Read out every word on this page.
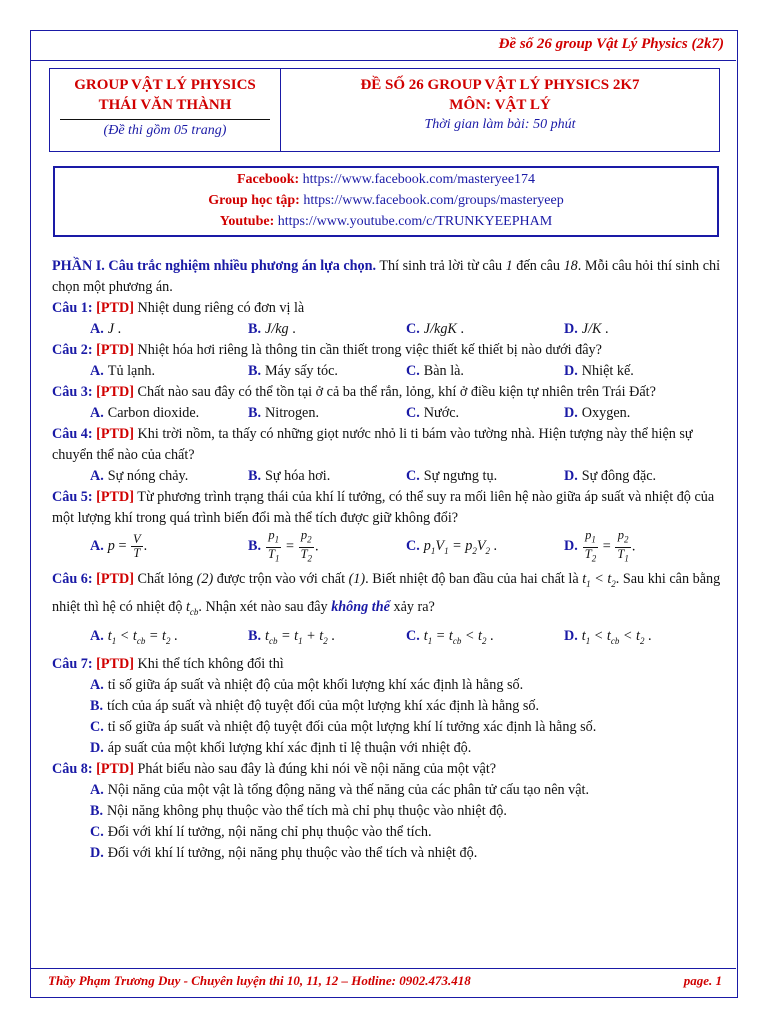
Đề số 26 group Vật Lý Physics (2k7)
GROUP VẬT LÝ PHYSICS
THÁI VĂN THÀNH
(Đề thi gồm 05 trang)
ĐỀ SỐ 26 GROUP VẬT LÝ PHYSICS 2K7
MÔN: VẬT LÝ
Thời gian làm bài: 50 phút
Facebook: https://www.facebook.com/masteryee174
Group học tập: https://www.facebook.com/groups/masteryeep
Youtube: https://www.youtube.com/c/TRUNKYEEPHAM

PHẦN I. Câu trắc nghiệm nhiều phương án lựa chọn. Thí sinh trả lời từ câu 1 đến câu 18. Mỗi câu hỏi thí sinh chỉ chọn một phương án.

Câu 1: [PTD] Nhiệt dung riêng có đơn vị là

A. J .	B. J/kg .	C. J/kgK .	D. J/K .

Câu 2: [PTD] Nhiệt hóa hơi riêng là thông tin cần thiết trong việc thiết kế thiết bị nào dưới đây?

A. Tủ lạnh.	B. Máy sấy tóc.	C. Bàn là.	D. Nhiệt kế.

Câu 3: [PTD] Chất nào sau đây có thể tồn tại ở cả ba thể rắn, lỏng, khí ở điều kiện tự nhiên trên Trái Đất?

A. Carbon dioxide.	B. Nitrogen.	C. Nước.	D. Oxygen.

Câu 4: [PTD] Khi trời nồm, ta thấy có những giọt nước nhỏ li ti bám vào tường nhà. Hiện tượng này thể hiện sự chuyển thể nào của chất?

A. Sự nóng chảy.	B. Sự hóa hơi.	C. Sự ngưng tụ.	D. Sự đông đặc.

Câu 5: [PTD] Từ phương trình trạng thái của khí lí tưởng, có thể suy ra mối liên hệ nào giữa áp suất và nhiệt độ của một lượng khí trong quá trình biến đổi mà thể tích được giữ không đổi?

A. $p = \frac{V}{T}$ .	B. $\frac{p_1}{T_1} = \frac{p_2}{T_2}$ .	C. $p_1V_1 = p_2V_2$ .	D. $\frac{p_1}{T_2} = \frac{p_2}{T_1}$ .

Câu 6: [PTD] Chất lỏng (2) được trộn vào với chất (1). Biết nhiệt độ ban đầu của hai chất là $t_1 < t_2$. Sau khi cân bằng nhiệt thì hệ có nhiệt độ $t_{cb}$. Nhận xét nào sau đây không thể xảy ra?

A. $t_1 < t_{cb} = t_2$ .	B. $t_{cb} = t_1 + t_2$ .	C. $t_1 = t_{cb} < t_2$ .	D. $t_1 < t_{cb} < t_2$ .

Câu 7: [PTD] Khi thể tích không đổi thì

A. tỉ số giữa áp suất và nhiệt độ của một khối lượng khí xác định là hằng số.

B. tích của áp suất và nhiệt độ tuyệt đối của một lượng khí xác định là hằng số.

C. tỉ số giữa áp suất và nhiệt độ tuyệt đối của một lượng khí lí tưởng xác định là hằng số.

D. áp suất của một khối lượng khí xác định tỉ lệ thuận với nhiệt độ.

Câu 8: [PTD] Phát biểu nào sau đây là đúng khi nói về nội năng của một vật?

A. Nội năng của một vật là tổng động năng và thế năng của các phân tử cấu tạo nên vật.

B. Nội năng không phụ thuộc vào thể tích mà chỉ phụ thuộc vào nhiệt độ.

C. Đối với khí lí tưởng, nội năng chỉ phụ thuộc vào thể tích.

D. Đối với khí lí tưởng, nội năng phụ thuộc vào thể tích và nhiệt độ.

Thầy Phạm Trương Duy - Chuyên luyện thi 10, 11, 12 – Hotline: 0902.473.418	page. 1
